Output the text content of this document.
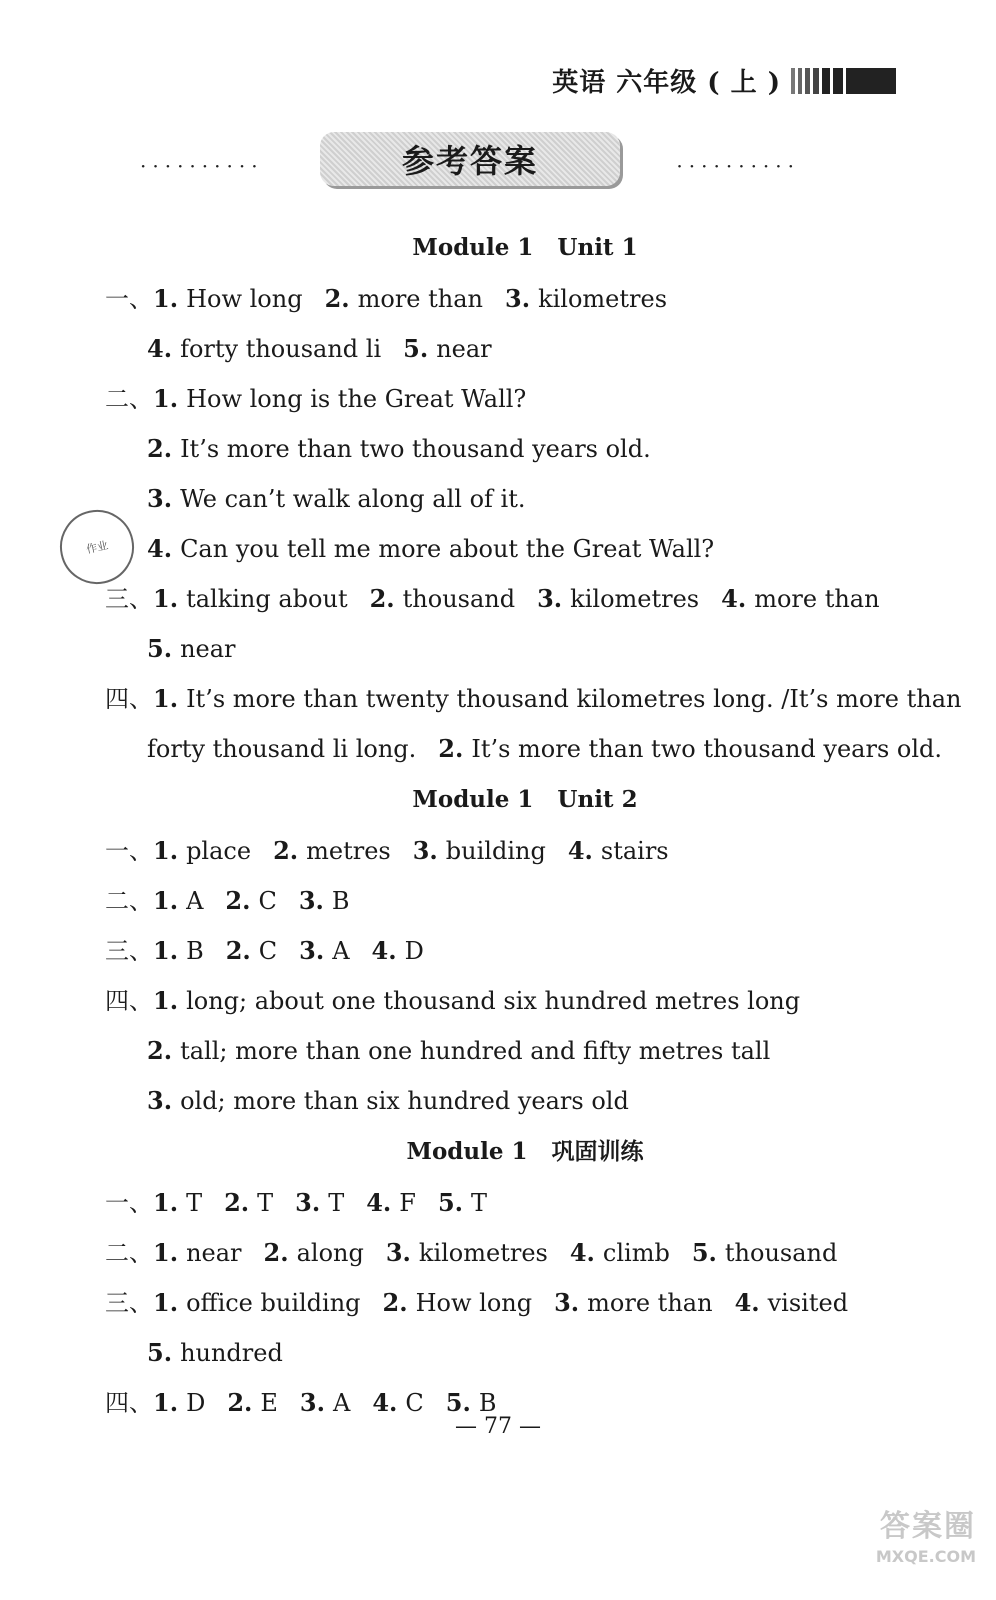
英语 六年级 ( 上 )
··········	参考答案	··········
作业
Module 1   Unit 1
一、1. How long 2. more than 3. kilometres
4. forty thousand li 5. near
二、1. How long is the Great Wall?
2. It’s more than two thousand years old.
3. We can’t walk along all of it.
4. Can you tell me more about the Great Wall?
三、1. talking about 2. thousand 3. kilometres 4. more than
5. near
四、1. It’s more than twenty thousand kilometres long. /It’s more than
forty thousand li long. 2. It’s more than two thousand years old.
Module 1   Unit 2
一、1. place 2. metres 3. building 4. stairs
二、1. A 2. C 3. B
三、1. B 2. C 3. A 4. D
四、1. long; about one thousand six hundred metres long
2. tall; more than one hundred and fifty metres tall
3. old; more than six hundred years old
Module 1   巩固训练
一、1. T 2. T 3. T 4. F 5. T
二、1. near 2. along 3. kilometres 4. climb 5. thousand
三、1. office building 2. How long 3. more than 4. visited
5. hundred
四、1. D 2. E 3. A 4. C 5. B
— 77 —
答案圈
MXQE.COM
